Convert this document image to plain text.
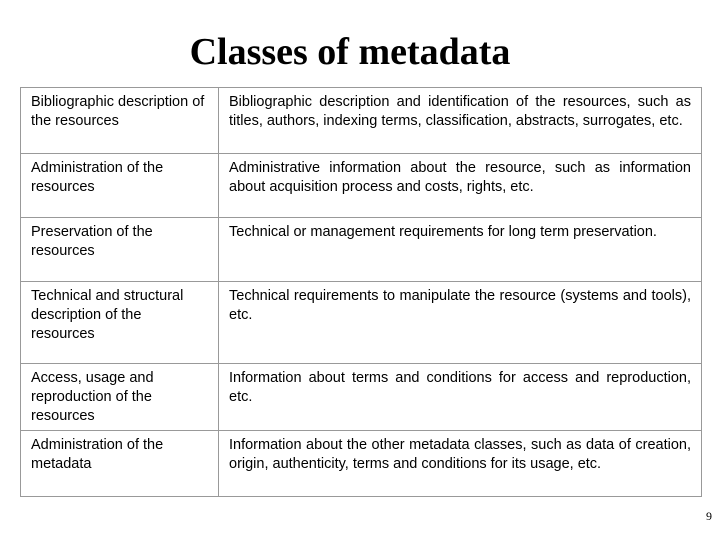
Classes of metadata
Bibliographic description of the resources	Bibliographic description and identification of the resources, such as titles, authors, indexing terms, classification, abstracts, surrogates, etc.
Administration of the resources	Administrative information about the resource, such as information about acquisition process and costs, rights, etc.
Preservation of the resources	Technical or management requirements for long term preservation.
Technical and structural description of the resources	Technical requirements to manipulate the resource (systems and tools), etc.
Access, usage and reproduction of the resources	Information about terms and conditions for access and reproduction, etc.
Administration of the metadata	Information about the other metadata classes, such as data of creation, origin, authenticity, terms and conditions for its usage, etc.
9
